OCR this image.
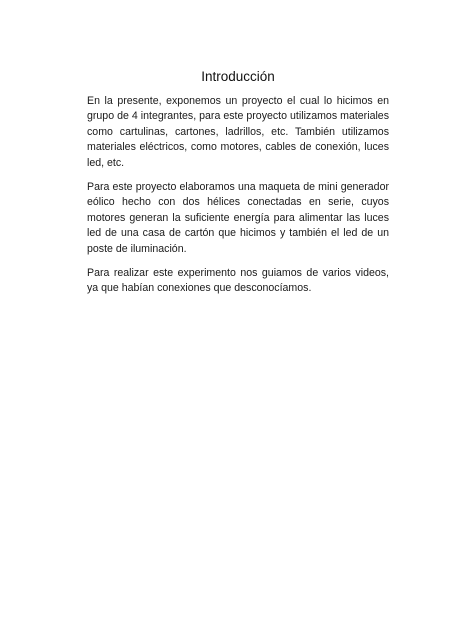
Introducción

En la presente, exponemos un proyecto el cual lo hicimos en grupo de 4 integrantes, para este proyecto utilizamos materiales como cartulinas, cartones, ladrillos, etc. También utilizamos materiales eléctricos, como motores, cables de conexión, luces led, etc.

Para este proyecto elaboramos una maqueta de mini generador eólico hecho con dos hélices conectadas en serie, cuyos motores generan la suficiente energía para alimentar las luces led de una casa de cartón que hicimos y también el led de un poste de iluminación.

Para realizar este experimento nos guiamos de varios videos, ya que habían conexiones que desconocíamos.
